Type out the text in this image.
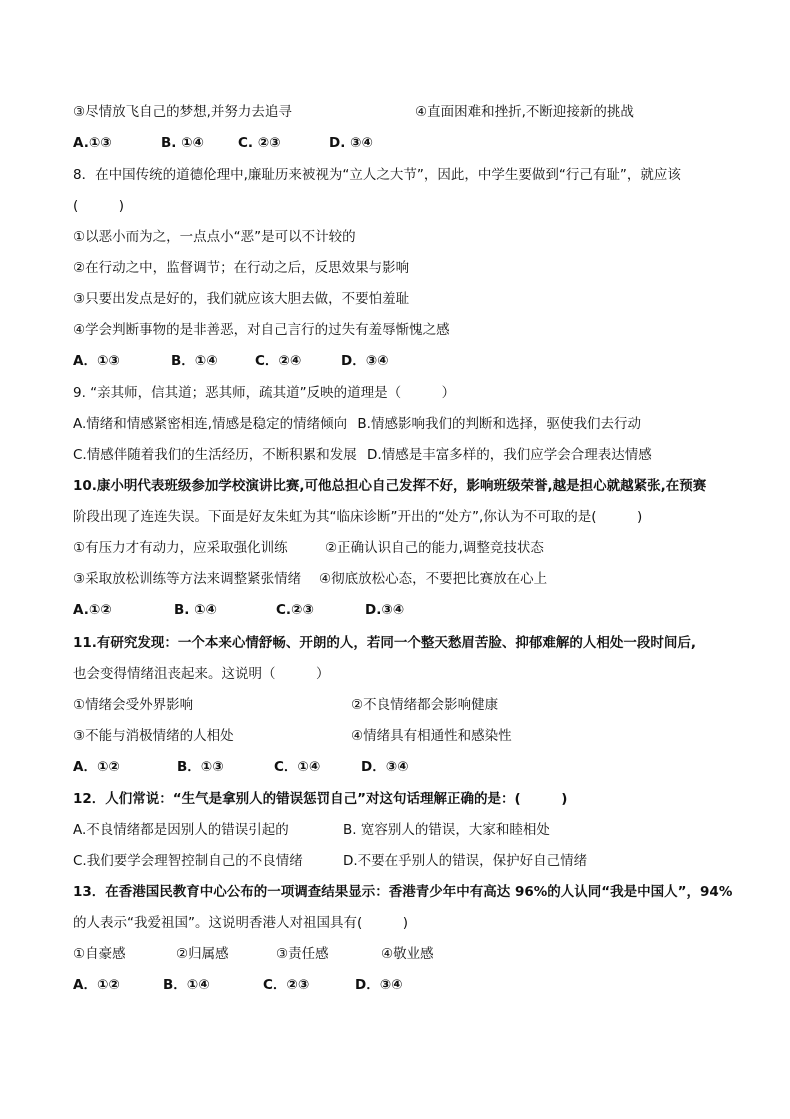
③尽情放飞自己的梦想,并努力去追寻	④直面困难和挫折,不断迎接新的挑战
A.①③	B. ①④	C. ②③	D. ③④
8．在中国传统的道德伦理中,廉耻历来被视为“立人之大节”，因此，中学生要做到“行己有耻”，就应该
(　　　)
①以恶小而为之，一点点小“恶”是可以不计较的
②在行动之中，监督调节；在行动之后，反思效果与影响
③只要出发点是好的，我们就应该大胆去做，不要怕羞耻
④学会判断事物的是非善恶，对自己言行的过失有羞辱惭愧之感
A．①③	B．①④	C．②④	D．③④
9. “亲其师，信其道；恶其师，疏其道”反映的道理是（　　　）
A.情绪和情感紧密相连,情感是稳定的情绪倾向 B.情感影响我们的判断和选择，驱使我们去行动
C.情感伴随着我们的生活经历，不断积累和发展 D.情感是丰富多样的，我们应学会合理表达情感
10.康小明代表班级参加学校演讲比赛,可他总担心自己发挥不好，影响班级荣誉,越是担心就越紧张,在预赛
阶段出现了连连失误。下面是好友朱虹为其“临床诊断”开出的“处方”,你认为不可取的是(　　　)
①有压力才有动力，应采取强化训练	②正确认识自己的能力,调整竞技状态
③采取放松训练等方法来调整紧张情绪 ④彻底放松心态，不要把比赛放在心上
A.①②	B. ①④	C.②③	D.③④
11.有研究发现：一个本来心情舒畅、开朗的人，若同一个整天愁眉苦脸、抑郁难解的人相处一段时间后,
也会变得情绪沮丧起来。这说明（　　　）
①情绪会受外界影响	②不良情绪都会影响健康
③不能与消极情绪的人相处	④情绪具有相通性和感染性
A．①②	B．①③	C．①④	D．③④
12．人们常说：“生气是拿别人的错误惩罚自己”对这句话理解正确的是：(　　　)
A.不良情绪都是因别人的错误引起的	B. 宽容别人的错误，大家和睦相处
C.我们要学会理智控制自己的不良情绪	D.不要在乎别人的错误，保护好自己情绪
13．在香港国民教育中心公布的一项调查结果显示：香港青少年中有高达 96%的人认同“我是中国人”，94%
的人表示“我爱祖国”。这说明香港人对祖国具有(　　　)
①自豪感	②归属感	③责任感	④敬业感
A．①②	B．①④	C．②③	D．③④
